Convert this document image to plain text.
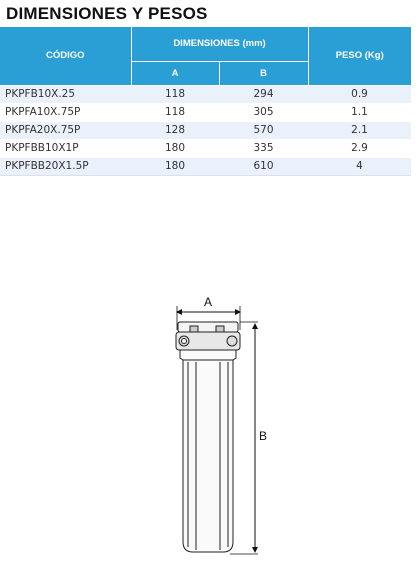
DIMENSIONES Y PESOS
CÓDIGO	DIMENSIONES (mm)		PESO (Kg)
	A	B	
PKPFB10X.25	118	294	0.9
PKPFA10X.75P	118	305	1.1
PKPFA20X.75P	128	570	2.1
PKPFBB10X1P	180	335	2.9
PKPFBB20X1.5P	180	610	4
A
B
